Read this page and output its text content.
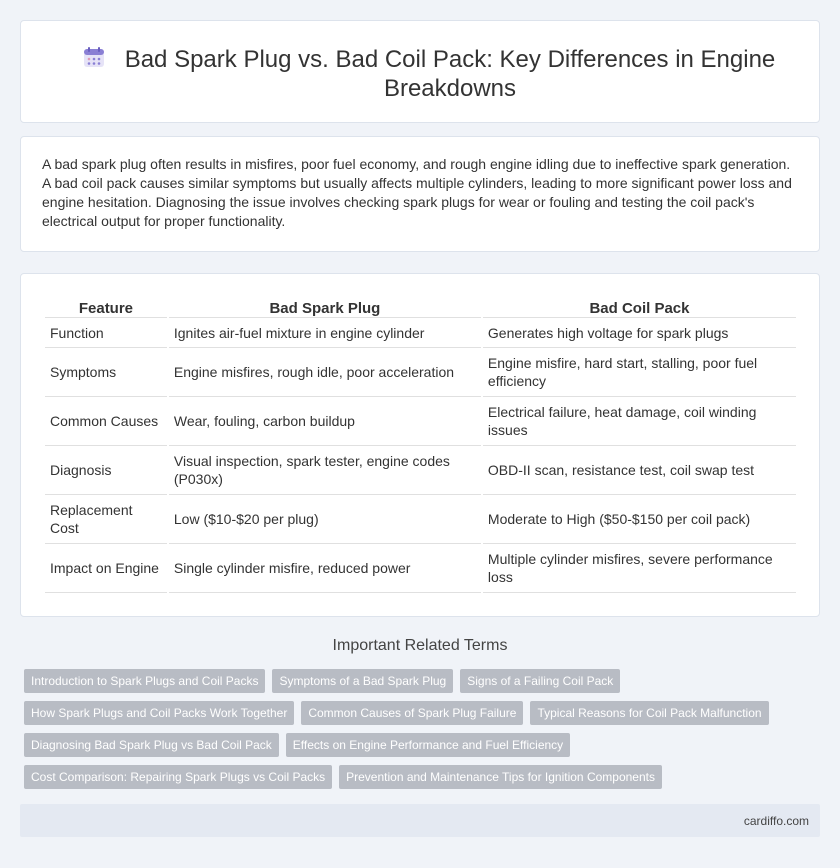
Bad Spark Plug vs. Bad Coil Pack: Key Differences in Engine Breakdowns

A bad spark plug often results in misfires, poor fuel economy, and rough engine idling due to ineffective spark generation. A bad coil pack causes similar symptoms but usually affects multiple cylinders, leading to more significant power loss and engine hesitation. Diagnosing the issue involves checking spark plugs for wear or fouling and testing the coil pack's electrical output for proper functionality.

Feature	Bad Spark Plug	Bad Coil Pack
Function	Ignites air-fuel mixture in engine cylinder	Generates high voltage for spark plugs
Symptoms	Engine misfires, rough idle, poor acceleration	Engine misfire, hard start, stalling, poor fuel efficiency
Common Causes	Wear, fouling, carbon buildup	Electrical failure, heat damage, coil winding issues
Diagnosis	Visual inspection, spark tester, engine codes (P030x)	OBD-II scan, resistance test, coil swap test
Replacement Cost	Low ($10-$20 per plug)	Moderate to High ($50-$150 per coil pack)
Impact on Engine	Single cylinder misfire, reduced power	Multiple cylinder misfires, severe performance loss
Important Related Terms
Introduction to Spark Plugs and Coil Packs	Symptoms of a Bad Spark Plug	Signs of a Failing Coil Pack
How Spark Plugs and Coil Packs Work Together	Common Causes of Spark Plug Failure	Typical Reasons for Coil Pack Malfunction
Diagnosing Bad Spark Plug vs Bad Coil Pack	Effects on Engine Performance and Fuel Efficiency
Cost Comparison: Repairing Spark Plugs vs Coil Packs	Prevention and Maintenance Tips for Ignition Components
cardiffo.com
